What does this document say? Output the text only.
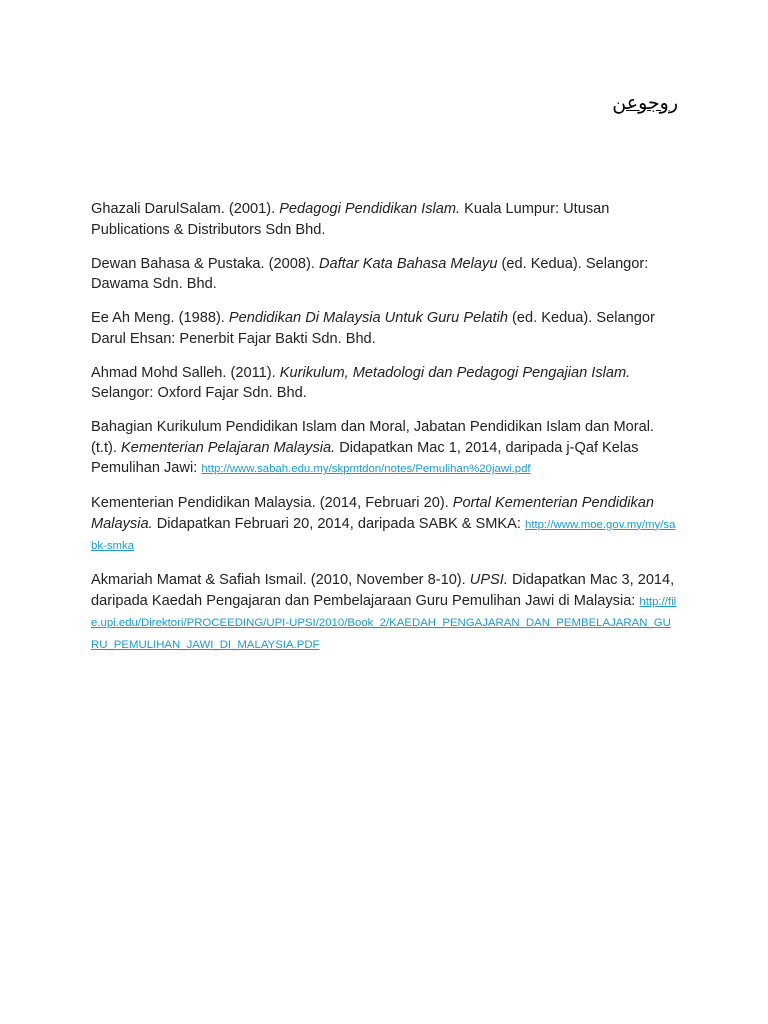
روجوعن

Ghazali DarulSalam. (2001). Pedagogi Pendidikan Islam. Kuala Lumpur: Utusan Publications & Distributors Sdn Bhd.

Dewan Bahasa & Pustaka. (2008). Daftar Kata Bahasa Melayu (ed. Kedua). Selangor: Dawama Sdn. Bhd.

Ee Ah Meng. (1988). Pendidikan Di Malaysia Untuk Guru Pelatih (ed. Kedua). Selangor Darul Ehsan: Penerbit Fajar Bakti Sdn. Bhd.

Ahmad Mohd Salleh. (2011). Kurikulum, Metadologi dan Pedagogi Pengajian Islam. Selangor: Oxford Fajar Sdn. Bhd.

Bahagian Kurikulum Pendidikan Islam dan Moral, Jabatan Pendidikan Islam dan Moral. (t.t). Kementerian Pelajaran Malaysia. Didapatkan Mac 1, 2014, daripada j-Qaf Kelas Pemulihan Jawi: http://www.sabah.edu.my/skpmtdon/notes/Pemulihan%20jawi.pdf

Kementerian Pendidikan Malaysia. (2014, Februari 20). Portal Kementerian Pendidikan Malaysia. Didapatkan Februari 20, 2014, daripada SABK & SMKA: http://www.moe.gov.my/my/sabk-smka

Akmariah Mamat & Safiah Ismail. (2010, November 8-10). UPSI. Didapatkan Mac 3, 2014, daripada Kaedah Pengajaran dan Pembelajaraan Guru Pemulihan Jawi di Malaysia: http://file.upi.edu/Direktori/PROCEEDING/UPI-UPSI/2010/Book_2/KAEDAH_PENGAJARAN_DAN_PEMBELAJARAN_GURU_PEMULIHAN_JAWI_DI_MALAYSIA.PDF
